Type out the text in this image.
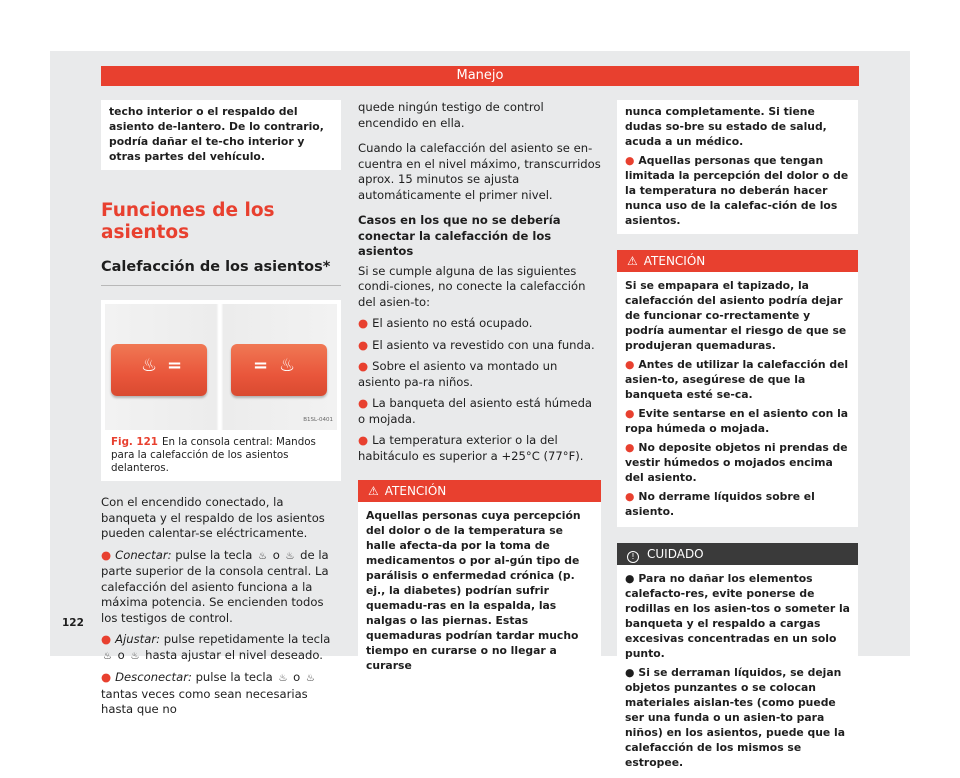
Manejo
techo interior o el respaldo del asiento de-lantero. De lo contrario, podría dañar el te-cho interior y otras partes del vehículo.
Funciones de los asientos
Calefacción de los asientos*
♨ =	= ♨
B1SL-0401
Fig. 121 En la consola central: Mandos para la calefacción de los asientos delanteros.
Con el encendido conectado, la banqueta y el respaldo de los asientos pueden calentar-se eléctricamente.
● Conectar: pulse la tecla ♨ o ♨ de la parte superior de la consola central. La calefacción del asiento funciona a la máxima potencia. Se encienden todos los testigos de control.
● Ajustar: pulse repetidamente la tecla ♨ o ♨ hasta ajustar el nivel deseado.
● Desconectar: pulse la tecla ♨ o ♨ tantas veces como sean necesarias hasta que no
quede ningún testigo de control encendido en ella.
Cuando la calefacción del asiento se en-cuentra en el nivel máximo, transcurridos aprox. 15 minutos se ajusta automáticamente el primer nivel.
Casos en los que no se debería conectar la calefacción de los asientos
Si se cumple alguna de las siguientes condi-ciones, no conecte la calefacción del asien-to:
● El asiento no está ocupado.
● El asiento va revestido con una funda.
● Sobre el asiento va montado un asiento pa-ra niños.
● La banqueta del asiento está húmeda o mojada.
● La temperatura exterior o la del habitáculo es superior a +25°C (77°F).
⚠ ATENCIÓN
Aquellas personas cuya percepción del dolor o de la temperatura se halle afecta-da por la toma de medicamentos o por al-gún tipo de parálisis o enfermedad crónica (p. ej., la diabetes) podrían sufrir quemadu-ras en la espalda, las nalgas o las piernas. Estas quemaduras podrían tardar mucho tiempo en curarse o no llegar a curarse
nunca completamente. Si tiene dudas so-bre su estado de salud, acuda a un médico.
● Aquellas personas que tengan limitada la percepción del dolor o de la temperatura no deberán hacer nunca uso de la calefac-ción de los asientos.
⚠ ATENCIÓN
Si se empapara el tapizado, la calefacción del asiento podría dejar de funcionar co-rrectamente y podría aumentar el riesgo de que se produjeran quemaduras.
● Antes de utilizar la calefacción del asien-to, asegúrese de que la banqueta esté se-ca.
● Evite sentarse en el asiento con la ropa húmeda o mojada.
● No deposite objetos ni prendas de vestir húmedos o mojados encima del asiento.
● No derrame líquidos sobre el asiento.
! CUIDADO
● Para no dañar los elementos calefacto-res, evite ponerse de rodillas en los asien-tos o someter la banqueta y el respaldo a cargas excesivas concentradas en un solo punto.
● Si se derraman líquidos, se dejan objetos punzantes o se colocan materiales aislan-tes (como puede ser una funda o un asien-to para niños) en los asientos, puede que la calefacción de los mismos se estropee.
122
